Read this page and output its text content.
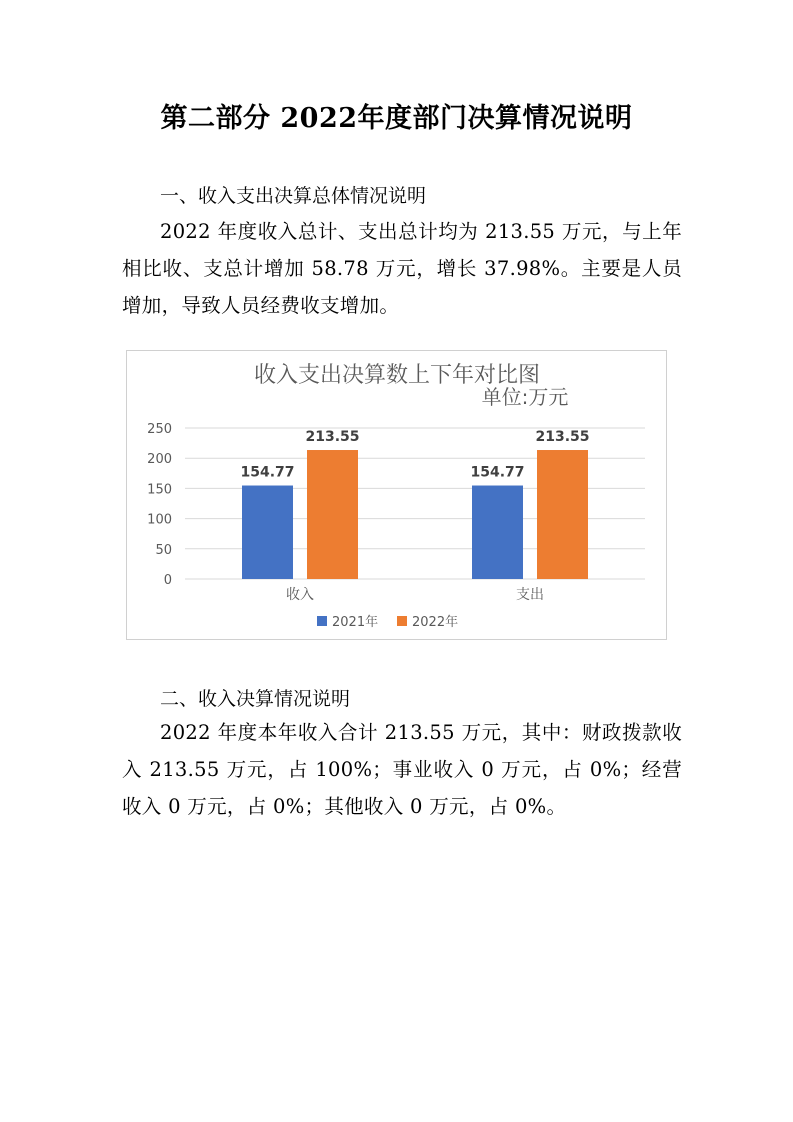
第二部分 2022年度部门决算情况说明
一、收入支出决算总体情况说明
2022 年度收入总计、支出总计均为 213.55 万元，与上年相比收、支总计增加 58.78 万元，增长 37.98%。主要是人员增加，导致人员经费收支增加。
收入支出决算数上下年对比图
单位:万元
0
50
100
150
200
250
154.77
213.55
154.77
213.55
收入	支出
2021年	2022年
二、收入决算情况说明
2022 年度本年收入合计 213.55 万元，其中：财政拨款收入 213.55 万元，占 100%；事业收入 0 万元，占 0%；经营收入 0 万元，占 0%；其他收入 0 万元，占 0%。
